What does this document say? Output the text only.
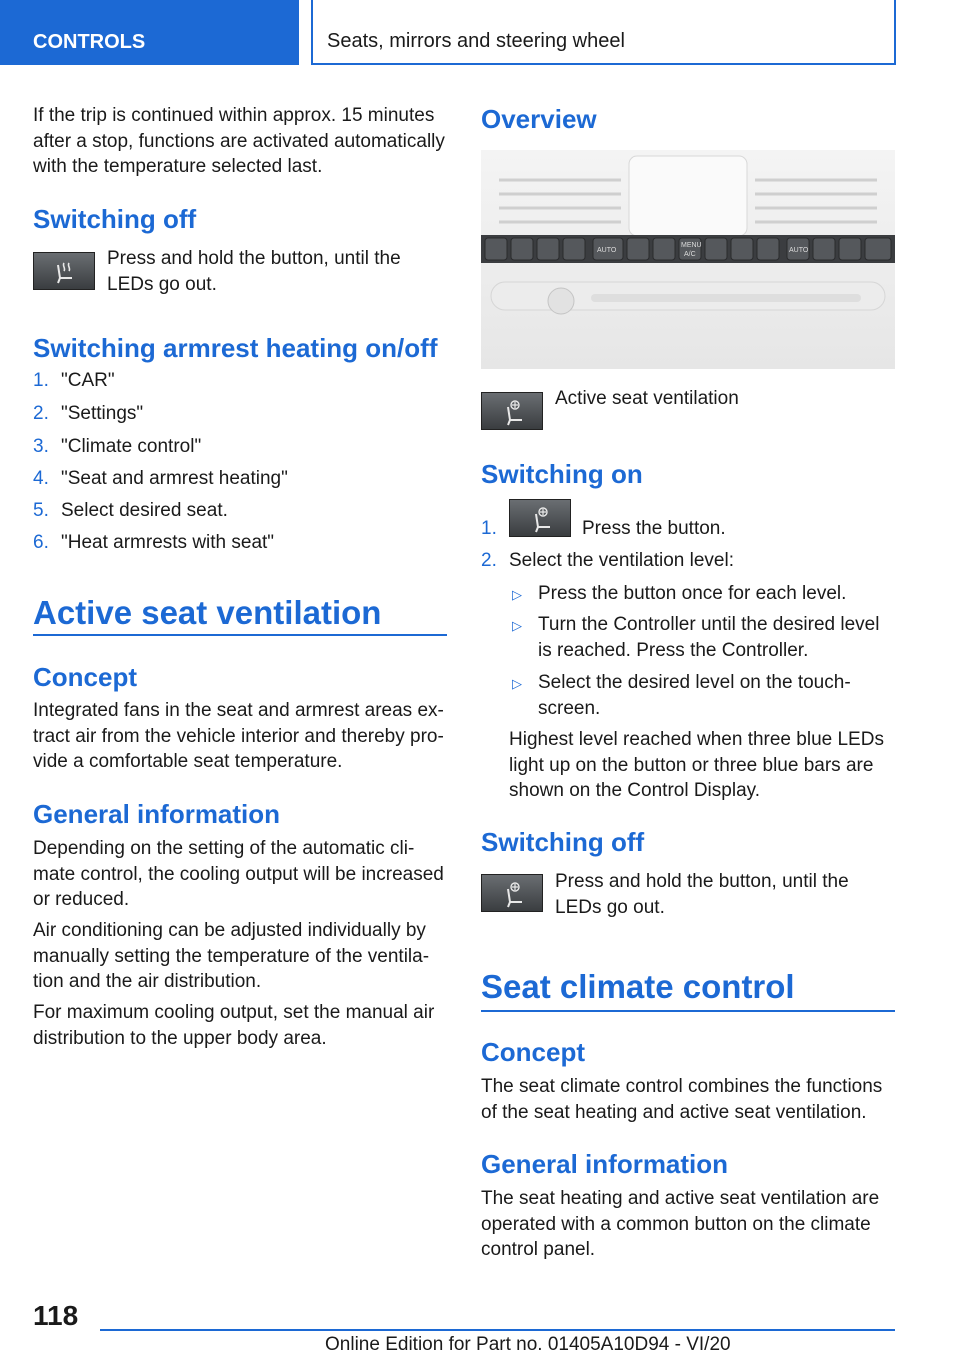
CONTROLS	Seats, mirrors and steering wheel

If the trip is continued within approx. 15 minutes after a stop, functions are activated automatically with the temperature selected last.

Switching off

Press and hold the button, until the LEDs go out.

Switching armrest heating on/off
1. "CAR"
2. "Settings"
3. "Climate control"
4. "Seat and armrest heating"
5. Select desired seat.
6. "Heat armrests with seat"
Active seat ventilation
Concept

Integrated fans in the seat and armrest areas extract air from the vehicle interior and thereby provide a comfortable seat temperature.

General information

Depending on the setting of the automatic climate control, the cooling output will be increased or reduced.

Air conditioning can be adjusted individually by manually setting the temperature of the ventilation and the air distribution.

For maximum cooling output, set the manual air distribution to the upper body area.

Overview
AUTO
MENU
A/C
AUTO

Active seat ventilation

Switching on
1.	Press the button.
2. Select the ventilation level:
▷ Press the button once for each level.

▷ Turn the Controller until the desired level is reached. Press the Controller.

▷ Select the desired level on the touchscreen.

Highest level reached when three blue LEDs light up on the button or three blue bars are shown on the Control Display.

Switching off

Press and hold the button, until the LEDs go out.

Seat climate control
Concept

The seat climate control combines the functions of the seat heating and active seat ventilation.

General information

The seat heating and active seat ventilation are operated with a common button on the climate control panel.

118
Online Edition for Part no. 01405A10D94 - VI/20
